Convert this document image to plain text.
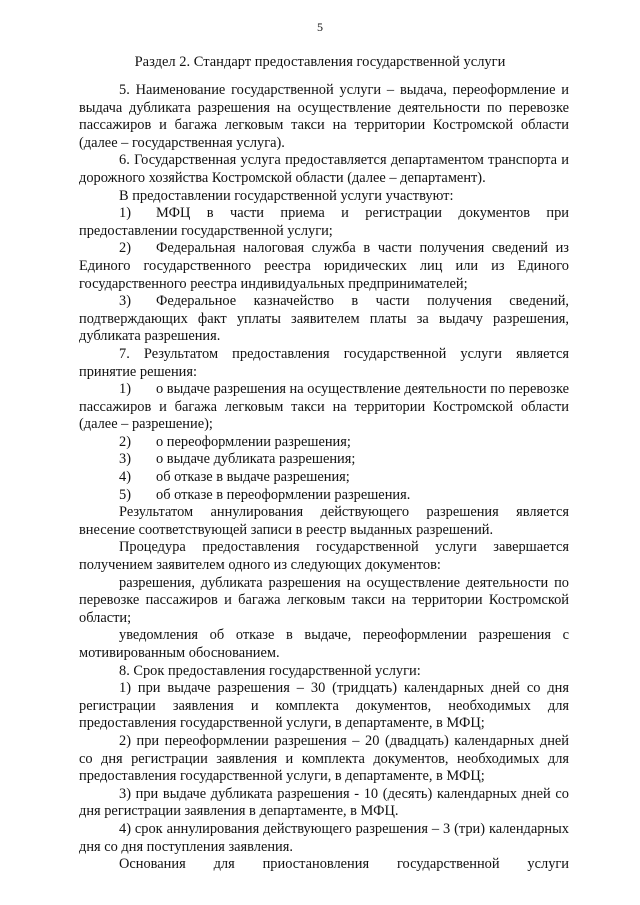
5
Раздел 2. Стандарт предоставления государственной услуги

5. Наименование государственной услуги – выдача, переоформление и выдача дубликата разрешения на осуществление деятельности по перевозке пассажиров и багажа легковым такси на территории Костромской области (далее – государственная услуга).

6. Государственная услуга предоставляется департаментом транспорта и дорожного хозяйства Костромской области (далее – департамент).

В предоставлении государственной услуги участвуют:

1) МФЦ в части приема и регистрации документов при предоставлении государственной услуги;

2) Федеральная налоговая служба в части получения сведений из Единого государственного реестра юридических лиц или из Единого государственного реестра индивидуальных предпринимателей;

3) Федеральное казначейство в части получения сведений, подтверждающих факт уплаты заявителем платы за выдачу разрешения, дубликата разрешения.

7. Результатом предоставления государственной услуги является принятие решения:

1) о выдаче разрешения на осуществление деятельности по перевозке пассажиров и багажа легковым такси на территории Костромской области (далее – разрешение);

2) о переоформлении разрешения;

3) о выдаче дубликата разрешения;

4) об отказе в выдаче разрешения;

5) об отказе в переоформлении разрешения.

Результатом аннулирования действующего разрешения является внесение соответствующей записи в реестр выданных разрешений.

Процедура предоставления государственной услуги завершается получением заявителем одного из следующих документов:

разрешения, дубликата разрешения на осуществление деятельности по перевозке пассажиров и багажа легковым такси на территории Костромской области;

уведомления об отказе в выдаче, переоформлении разрешения с мотивированным обоснованием.

8. Срок предоставления государственной услуги:

1) при выдаче разрешения – 30 (тридцать) календарных дней со дня регистрации заявления и комплекта документов, необходимых для предоставления государственной услуги, в департаменте, в МФЦ;

2) при переоформлении разрешения – 20 (двадцать) календарных дней со дня регистрации заявления и комплекта документов, необходимых для предоставления государственной услуги, в департаменте, в МФЦ;

3) при выдаче дубликата разрешения - 10 (десять) календарных дней со дня регистрации заявления в департаменте, в МФЦ.

4) срок аннулирования действующего разрешения – 3 (три) календарных дня со дня поступления заявления.

Основания для приостановления государственной услуги
